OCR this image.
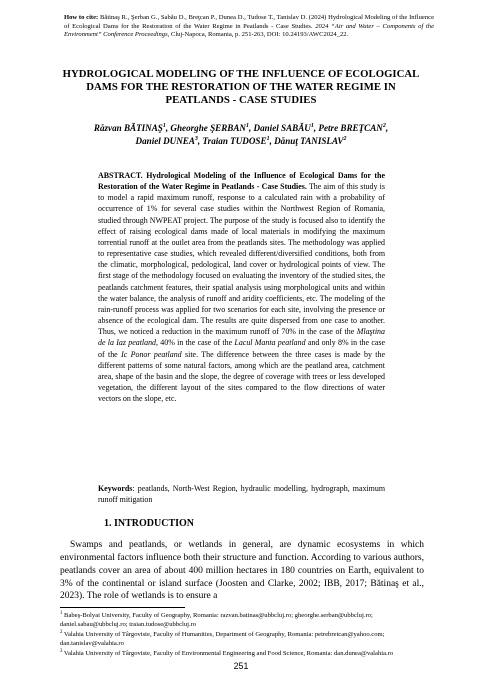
How to cite: Bătinaş R., Şerban G., Sabău D., Breţcan P., Dunea D., Tudose T., Tanislav D. (2024) Hydrological Modeling of the Influence of Ecological Dams for the Restoration of the Water Regime in Peatlands - Case Studies. 2024 “Air and Water – Components of the Environment” Conference Proceedings, Cluj-Napoca, Romania, p. 251-263, DOI: 10.24193/AWC2024_22.
HYDROLOGICAL MODELING OF THE INFLUENCE OF ECOLOGICAL DAMS FOR THE RESTORATION OF THE WATER REGIME IN PEATLANDS - CASE STUDIES
Răzvan BĂTINAŞ$^1$, Gheorghe ŞERBAN$^1$, Daniel SABĂU$^1$, Petre BREŢCAN$^2$,
Daniel DUNEA$^3$, Traian TUDOSE$^1$, Dănuţ TANISLAV$^2$
ABSTRACT. Hydrological Modeling of the Influence of Ecological Dams for the Restoration of the Water Regime in Peatlands - Case Studies. The aim of this study is to model a rapid maximum runoff, response to a calculated rain with a probability of occurrence of 1% for several case studies within the Northwest Region of Romania, studied through NWPEAT project. The purpose of the study is focused also to identify the effect of raising ecological dams made of local materials in modifying the maximum torrential runoff at the outlet area from the peatlands sites. The methodology was applied to representative case studies, which revealed different/diversified conditions, both from the climatic, morphological, pedological, land cover or hydrological points of view. The first stage of the methodology focused on evaluating the inventory of the studied sites, the peatlands catchment features, their spatial analysis using morphological units and within the water balance, the analysis of runoff and aridity coefficients, etc. The modeling of the rain-runoff process was applied for two scenarios for each site, involving the presence or absence of the ecological dam. The results are quite dispersed from one case to another. Thus, we noticed a reduction in the maximum runoff of 70% in the case of the Mlaştina de la Iaz peatland, 40% in the case of the Lacul Manta peatland and only 8% in the case of the Ic Ponor peatland site. The difference between the three cases is made by the different patterns of some natural factors, among which are the peatland area, catchment area, shape of the basin and the slope, the degree of coverage with trees or less developed vegetation, the different layout of the sites compared to the flow directions of water vectors on the slope, etc.
Keywords: peatlands, North-West Region, hydraulic modelling, hydrograph, maximum runoff mitigation
1. INTRODUCTION
Swamps and peatlands, or wetlands in general, are dynamic ecosystems in which environmental factors influence both their structure and function. According to various authors, peatlands cover an area of about 400 million hectares in 180 countries on Earth, equivalent to 3% of the continental or island surface (Joosten and Clarke, 2002; IBB, 2017; Bătinaş et al., 2023). The role of wetlands is to ensure a
$^1$ Babeş-Bolyai University, Faculty of Geography, Romania: razvan.batinas@ubbcluj.ro; gheorghe.serban@ubbcluj.ro; daniel.sabau@ubbcluj.ro; traian.tudose@ubbcluj.ro
$^2$ Valahia University of Târgoviste, Faculty of Humanities, Department of Geography, Romania: petrebretcan@yahoo.com; dan.tanislav@valahia.ro
$^3$ Valahia University of Târgoviste, Faculty of Environmental Engineering and Food Science, Romania: dan.dunea@valahia.ro
251
